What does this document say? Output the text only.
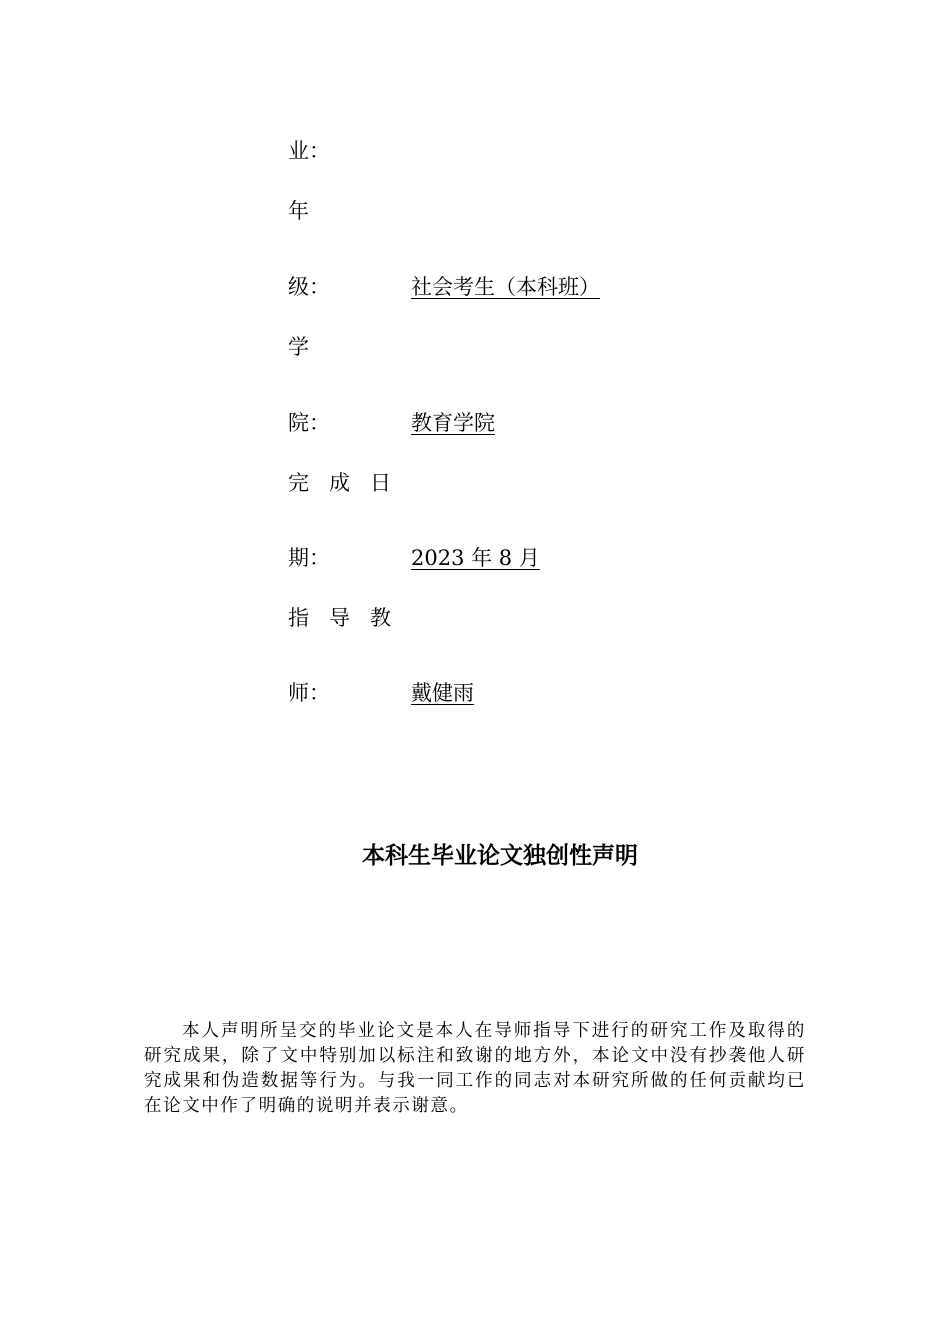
业：
年
级：	社会考生（本科班）
学
院：	教育学院
完成日
期：	2023 年 8 月
指导教
师：	戴健雨
本科生毕业论文独创性声明

本人声明所呈交的毕业论文是本人在导师指导下进行的研究工作及取得的研究成果，除了文中特别加以标注和致谢的地方外，本论文中没有抄袭他人研究成果和伪造数据等行为。与我一同工作的同志对本研究所做的任何贡献均已在论文中作了明确的说明并表示谢意。
